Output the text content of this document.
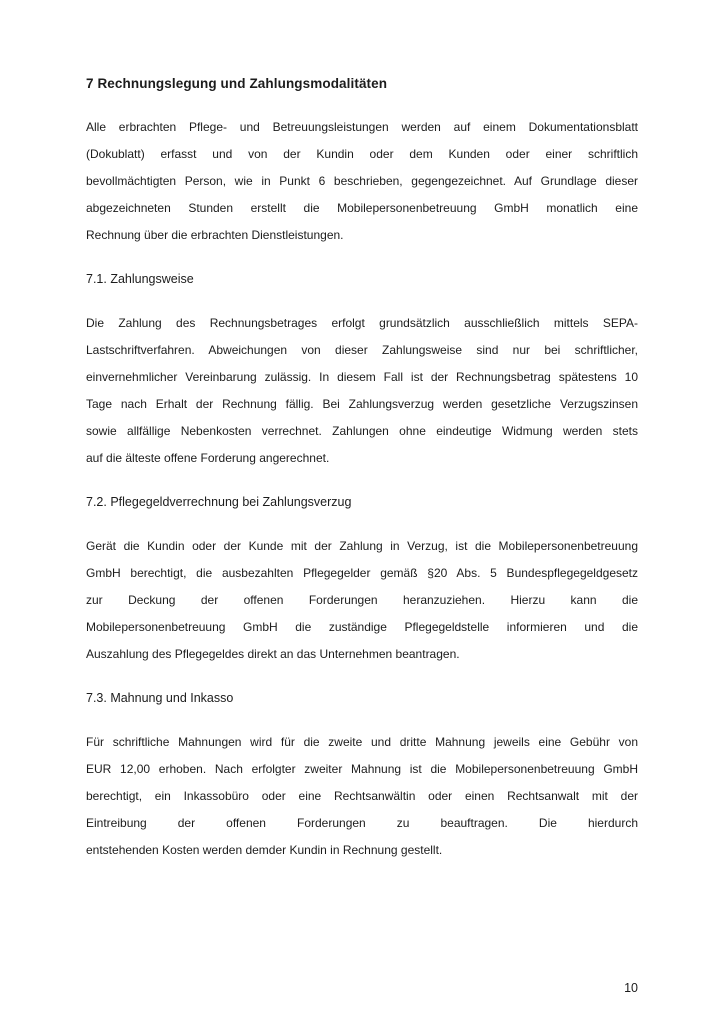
7 Rechnungslegung und Zahlungsmodalitäten
Alle erbrachten Pflege- und Betreuungsleistungen werden auf einem Dokumentationsblatt
(Dokublatt) erfasst und von der Kundin oder dem Kunden oder einer schriftlich
bevollmächtigten Person, wie in Punkt 6 beschrieben, gegengezeichnet. Auf Grundlage dieser
abgezeichneten Stunden erstellt die Mobilepersonenbetreuung GmbH monatlich eine
Rechnung über die erbrachten Dienstleistungen.
7.1. Zahlungsweise
Die Zahlung des Rechnungsbetrages erfolgt grundsätzlich ausschließlich mittels SEPA-
Lastschriftverfahren. Abweichungen von dieser Zahlungsweise sind nur bei schriftlicher,
einvernehmlicher Vereinbarung zulässig. In diesem Fall ist der Rechnungsbetrag spätestens 10
Tage nach Erhalt der Rechnung fällig. Bei Zahlungsverzug werden gesetzliche Verzugszinsen
sowie allfällige Nebenkosten verrechnet. Zahlungen ohne eindeutige Widmung werden stets
auf die älteste offene Forderung angerechnet.
7.2. Pflegegeldverrechnung bei Zahlungsverzug
Gerät die Kundin oder der Kunde mit der Zahlung in Verzug, ist die Mobilepersonenbetreuung
GmbH berechtigt, die ausbezahlten Pflegegelder gemäß §20 Abs. 5 Bundespflegegeldgesetz
zur Deckung der offenen Forderungen heranzuziehen. Hierzu kann die
Mobilepersonenbetreuung GmbH die zuständige Pflegegeldstelle informieren und die
Auszahlung des Pflegegeldes direkt an das Unternehmen beantragen.
7.3. Mahnung und Inkasso
Für schriftliche Mahnungen wird für die zweite und dritte Mahnung jeweils eine Gebühr von
EUR 12,00 erhoben. Nach erfolgter zweiter Mahnung ist die Mobilepersonenbetreuung GmbH
berechtigt, ein Inkassobüro oder eine Rechtsanwältin oder einen Rechtsanwalt mit der
Eintreibung der offenen Forderungen zu beauftragen. Die hierdurch
entstehenden Kosten werden demder Kundin in Rechnung gestellt.
10
